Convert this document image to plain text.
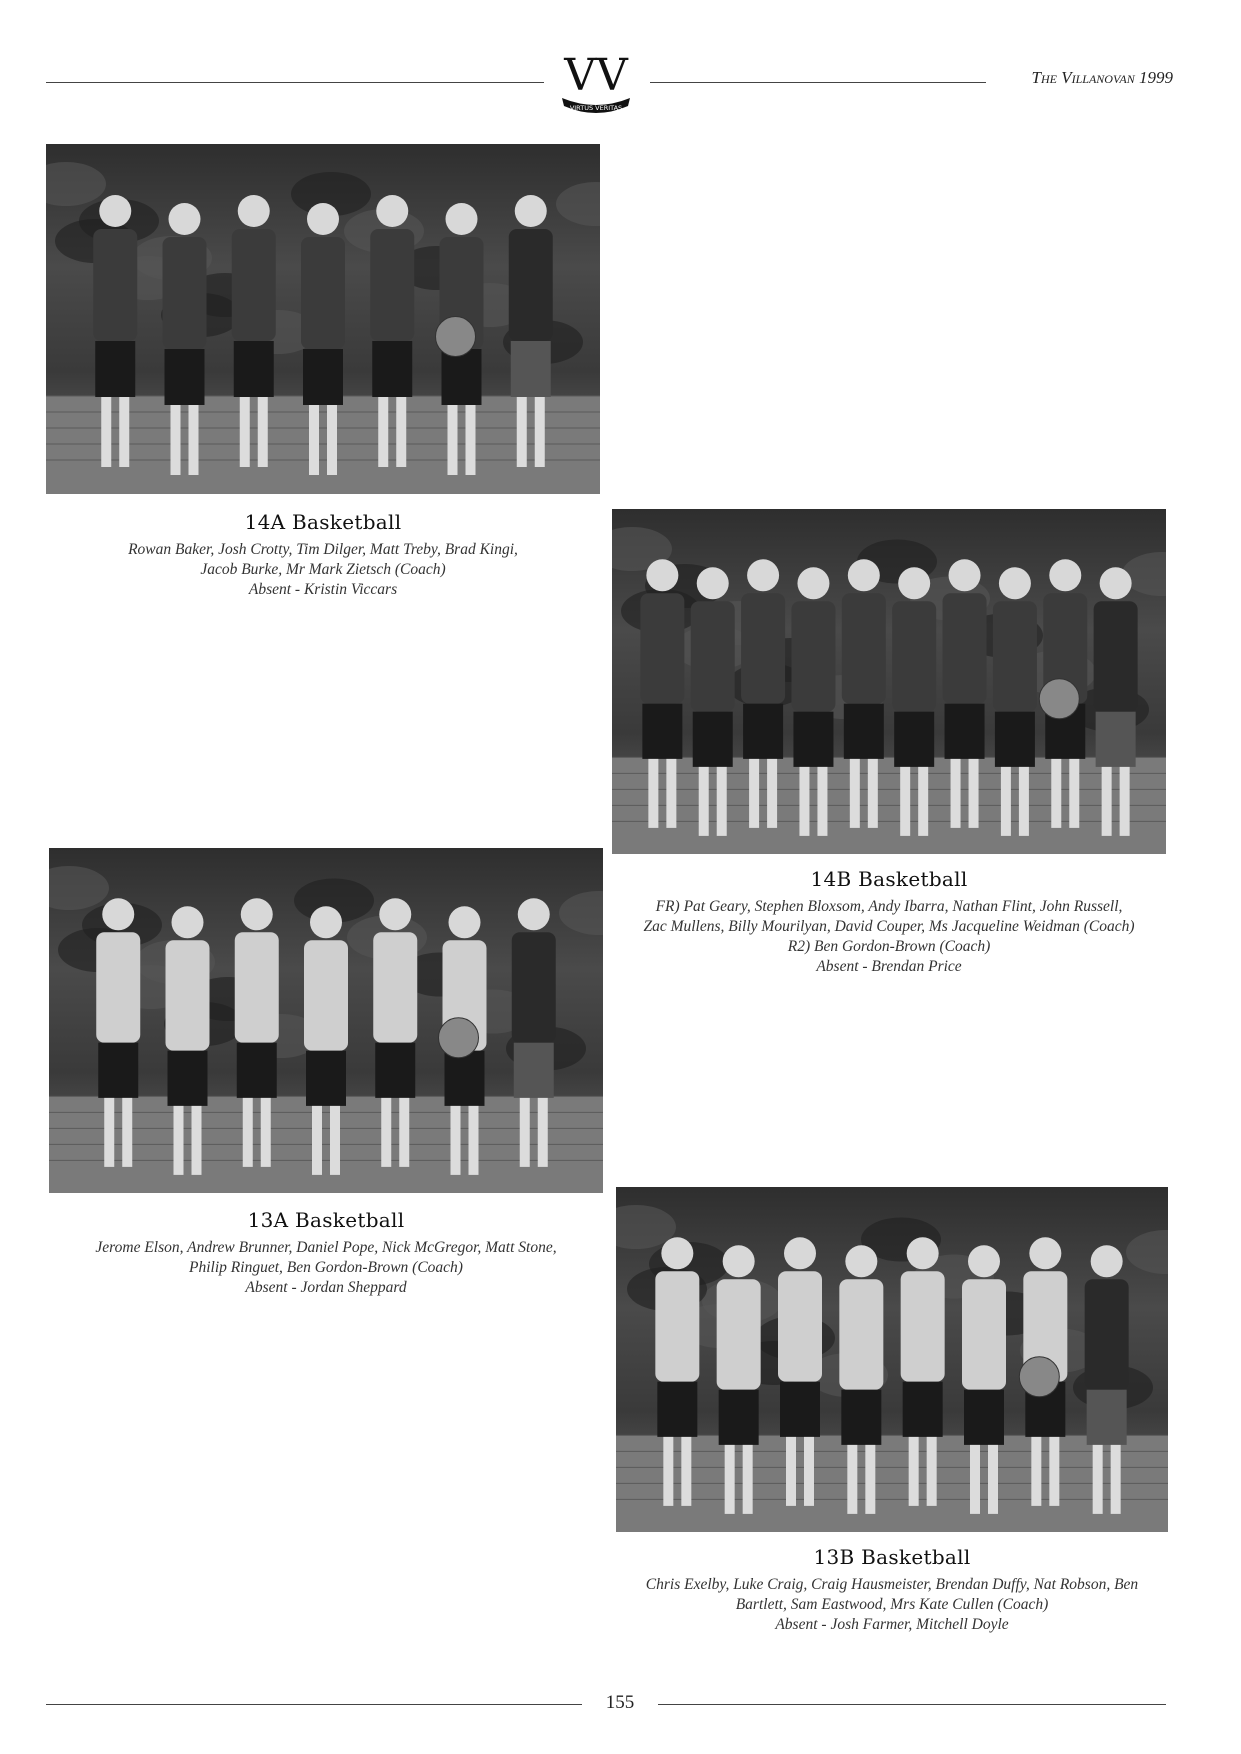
VV
VIRTUS VERITAS
The Villanovan 1999
14A Basketball
Rowan Baker, Josh Crotty, Tim Dilger, Matt Treby, Brad Kingi,
Jacob Burke, Mr Mark Zietsch (Coach)
Absent - Kristin Viccars
14B Basketball
FR) Pat Geary, Stephen Bloxsom, Andy Ibarra, Nathan Flint, John Russell,
Zac Mullens, Billy Mourilyan, David Couper, Ms Jacqueline Weidman (Coach)
R2) Ben Gordon-Brown (Coach)
Absent - Brendan Price
13A Basketball
Jerome Elson, Andrew Brunner, Daniel Pope, Nick McGregor, Matt Stone,
Philip Ringuet, Ben Gordon-Brown (Coach)
Absent - Jordan Sheppard
13B Basketball
Chris Exelby, Luke Craig, Craig Hausmeister, Brendan Duffy, Nat Robson, Ben
Bartlett, Sam Eastwood, Mrs Kate Cullen (Coach)
Absent - Josh Farmer, Mitchell Doyle
155
